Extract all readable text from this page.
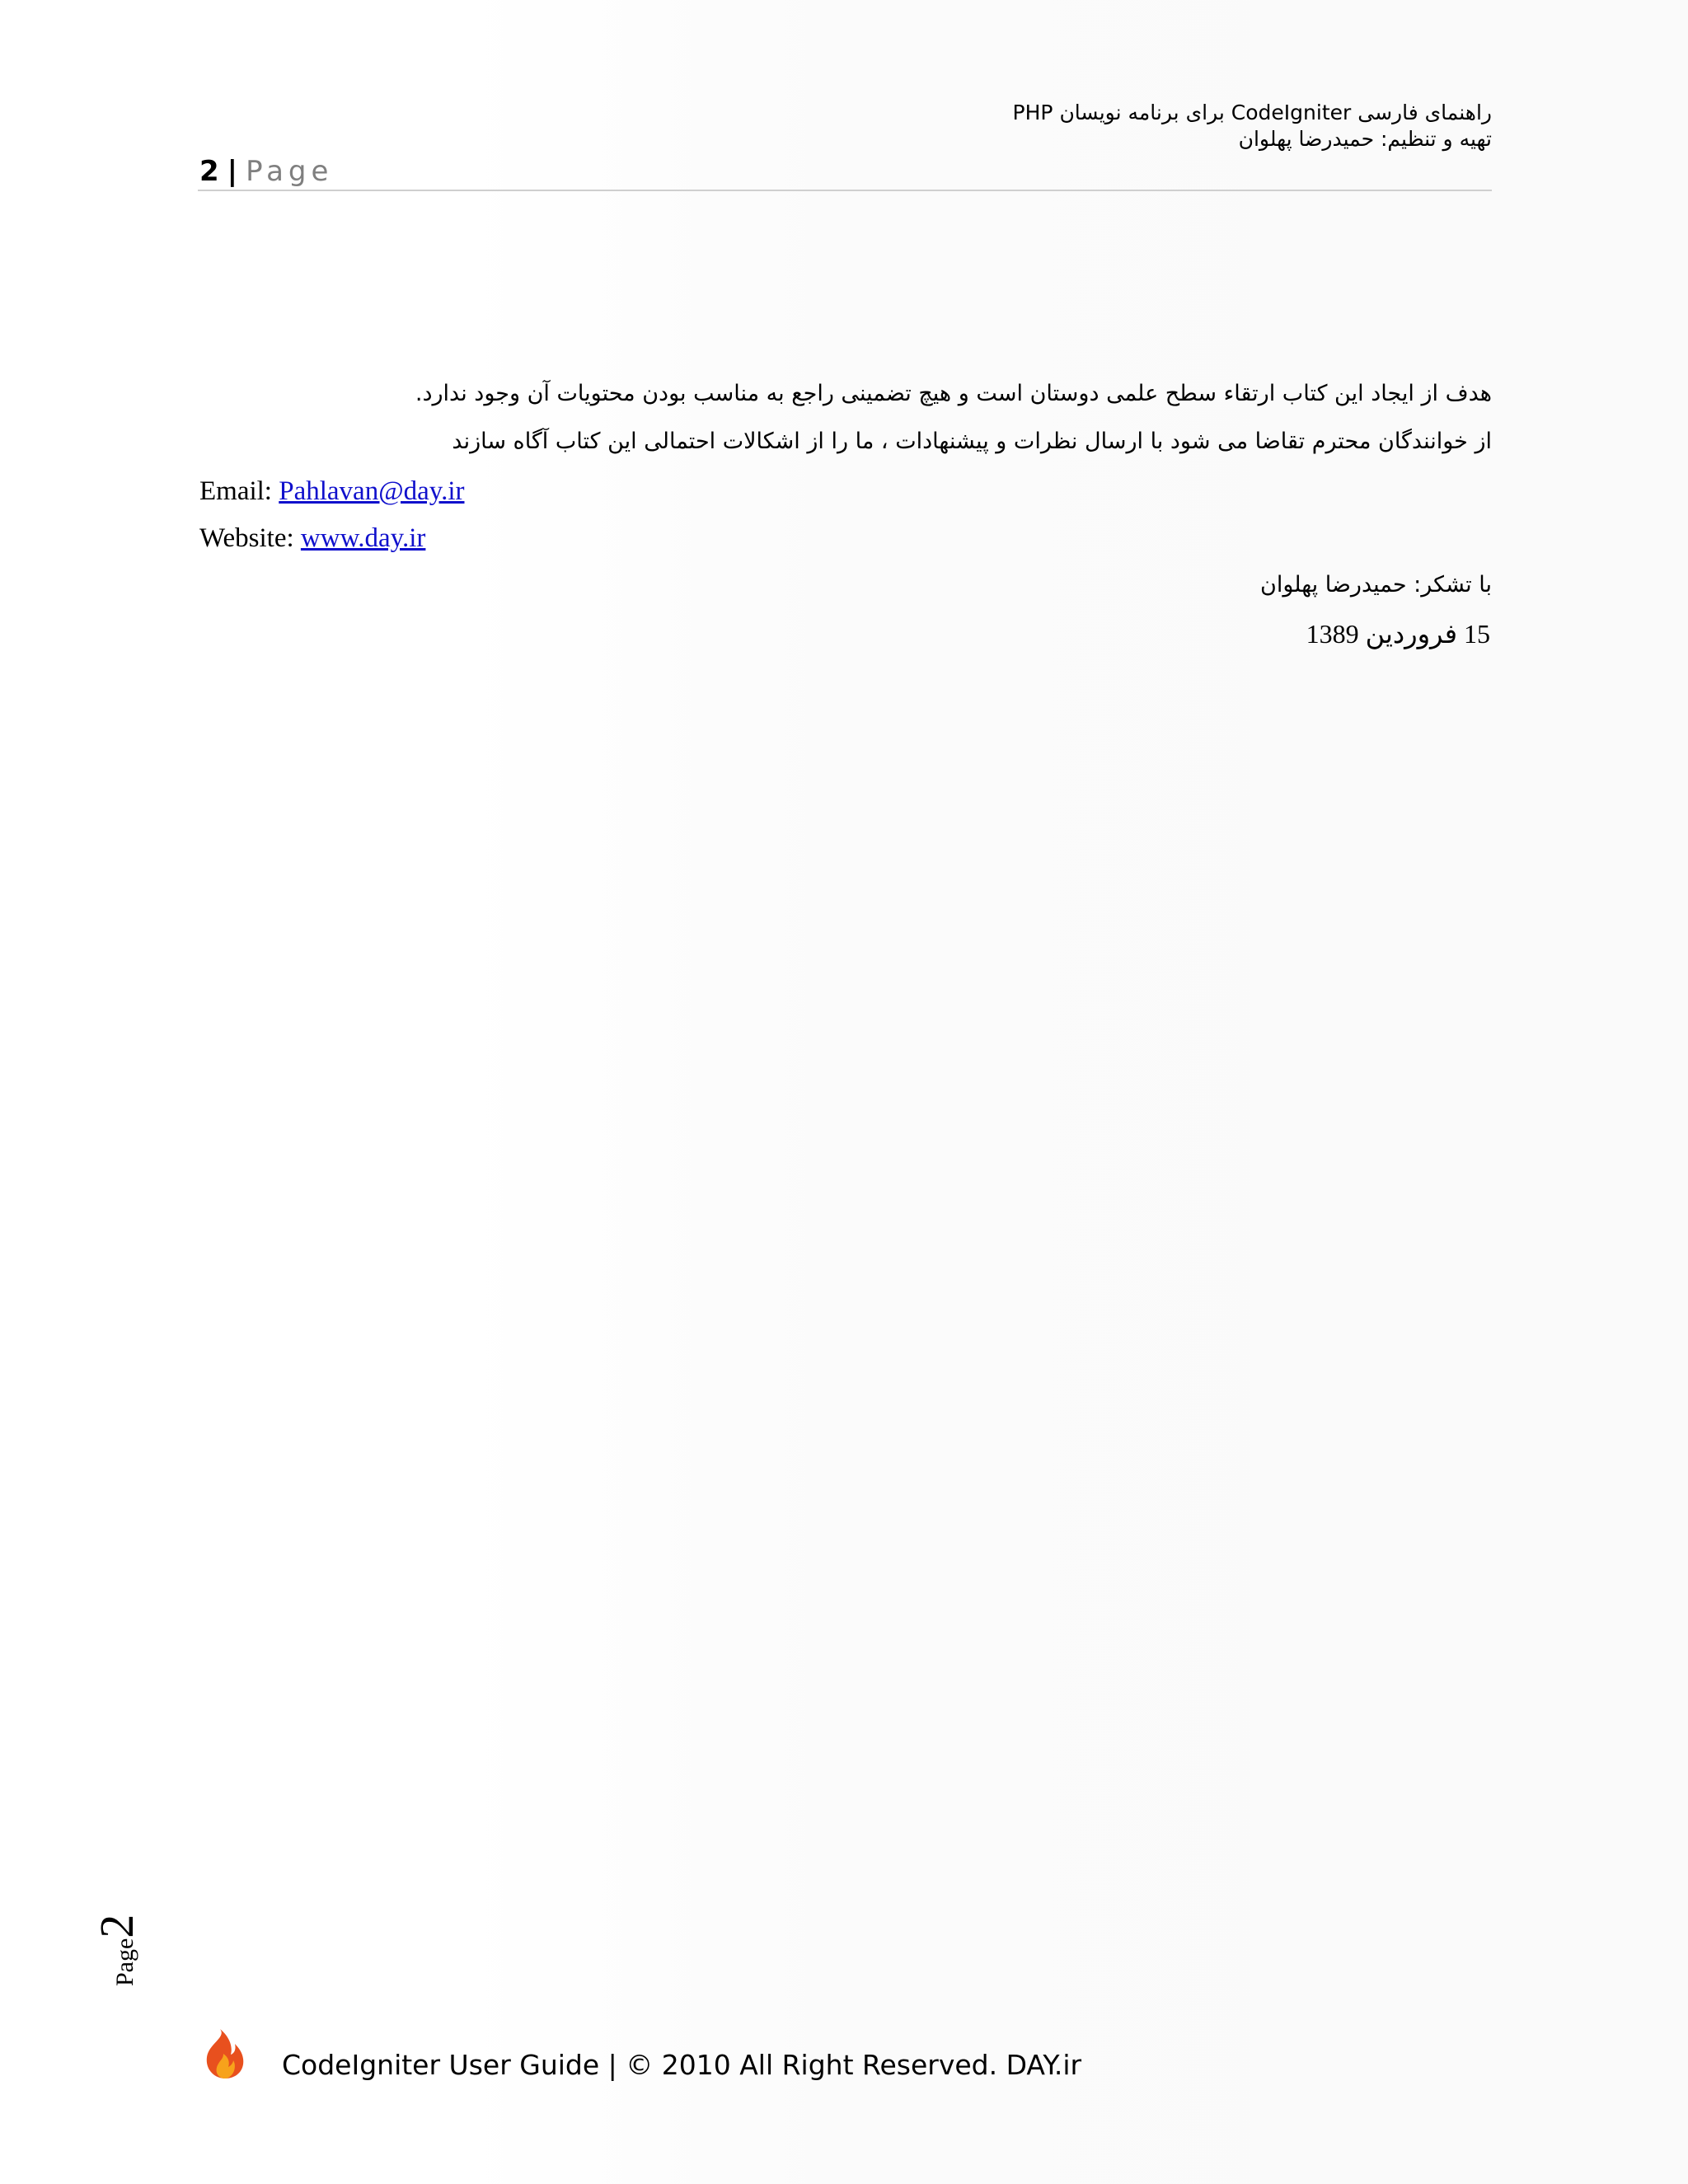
راهنمای فارسی CodeIgniter برای برنامه نویسان PHP
تهیه و تنظیم: حمیدرضا پهلوان
2 | Page
هدف از ایجاد این کتاب ارتقاء سطح علمی دوستان است و هیچ تضمینی راجع به مناسب بودن محتویات آن وجود ندارد.
از خوانندگان محترم تقاضا می شود با ارسال نظرات و پیشنهادات ، ما را از اشکالات احتمالی این کتاب آگاه سازند
Email: Pahlavan@day.ir
Website: www.day.ir
با تشکر: حمیدرضا پهلوان
15 فروردین 1389
Page2
CodeIgniter User Guide | © 2010 All Right Reserved. DAY.ir
